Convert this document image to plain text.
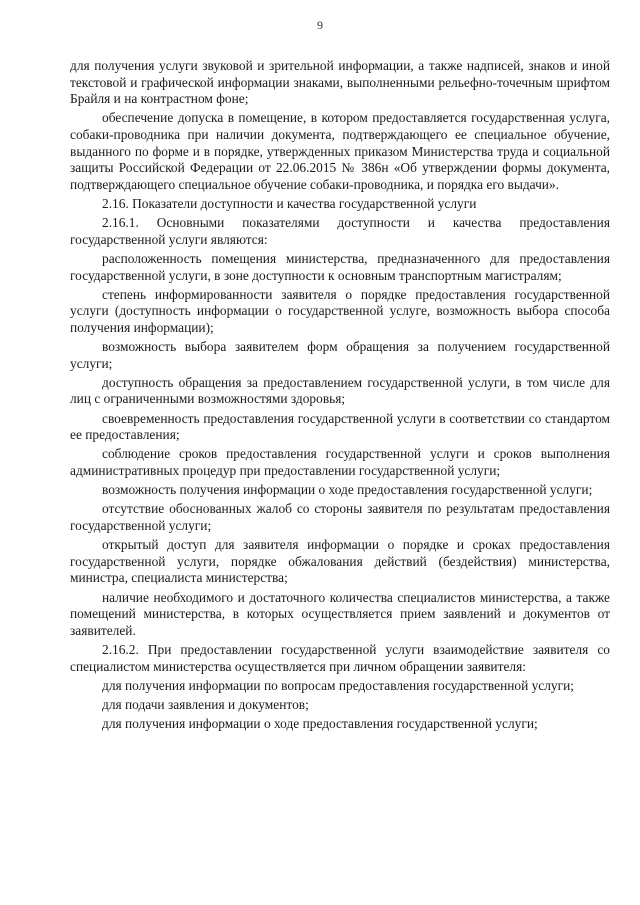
9

для получения услуги звуковой и зрительной информации, а также надписей, знаков и иной текстовой и графической информации знаками, выполненными рельефно-точечным шрифтом Брайля и на контрастном фоне;

обеспечение допуска в помещение, в котором предоставляется государственная услуга, собаки-проводника при наличии документа, подтверждающего ее специальное обучение, выданного по форме и в порядке, утвержденных приказом Министерства труда и социальной защиты Российской Федерации от 22.06.2015 № 386н «Об утверждении формы документа, подтверждающего специальное обучение собаки-проводника, и порядка его выдачи».

2.16. Показатели доступности и качества государственной услуги

2.16.1. Основными показателями доступности и качества предоставления государственной услуги являются:

расположенность помещения министерства, предназначенного для предоставления государственной услуги, в зоне доступности к основным транспортным магистралям;

степень информированности заявителя о порядке предоставления государственной услуги (доступность информации о государственной услуге, возможность выбора способа получения информации);

возможность выбора заявителем форм обращения за получением государственной услуги;

доступность обращения за предоставлением государственной услуги, в том числе для лиц с ограниченными возможностями здоровья;

своевременность предоставления государственной услуги в соответствии со стандартом ее предоставления;

соблюдение сроков предоставления государственной услуги и сроков выполнения административных процедур при предоставлении государственной услуги;

возможность получения информации о ходе предоставления государственной услуги;

отсутствие обоснованных жалоб со стороны заявителя по результатам предоставления государственной услуги;

открытый доступ для заявителя информации о порядке и сроках предоставления государственной услуги, порядке обжалования действий (бездействия) министерства, министра, специалиста министерства;

наличие необходимого и достаточного количества специалистов министерства, а также помещений министерства, в которых осуществляется прием заявлений и документов от заявителей.

2.16.2. При предоставлении государственной услуги взаимодействие заявителя со специалистом министерства осуществляется при личном обращении заявителя:

для получения информации по вопросам предоставления государственной услуги;

для подачи заявления и документов;

для получения информации о ходе предоставления государственной услуги;
